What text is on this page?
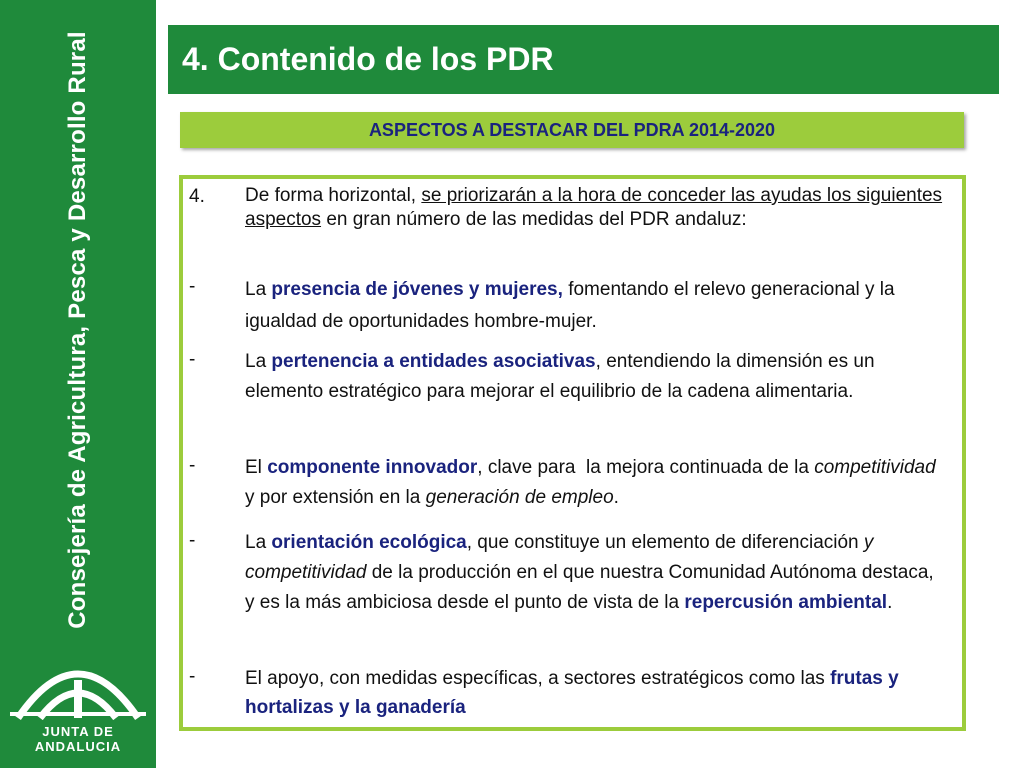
Consejería de Agricultura, Pesca y Desarrollo Rural
JUNTA DE ANDALUCIA
4. Contenido de los PDR
ASPECTOS A DESTACAR DEL PDRA 2014-2020
4.	De forma horizontal, se priorizarán a la hora de conceder las ayudas los siguientes aspectos en gran número de las medidas del PDR andaluz:
-	La presencia de jóvenes y mujeres, fomentando el relevo generacional y la igualdad de oportunidades hombre-mujer.
-	La pertenencia a entidades asociativas, entendiendo la dimensión es un elemento estratégico para mejorar el equilibrio de la cadena alimentaria.
-	El componente innovador, clave para  la mejora continuada de la competitividad y por extensión en la generación de empleo.
-	La orientación ecológica, que constituye un elemento de diferenciación y competitividad de la producción en el que nuestra Comunidad Autónoma destaca, y es la más ambiciosa desde el punto de vista de la repercusión ambiental.
-	El apoyo, con medidas específicas, a sectores estratégicos como las frutas y hortalizas y la ganadería
